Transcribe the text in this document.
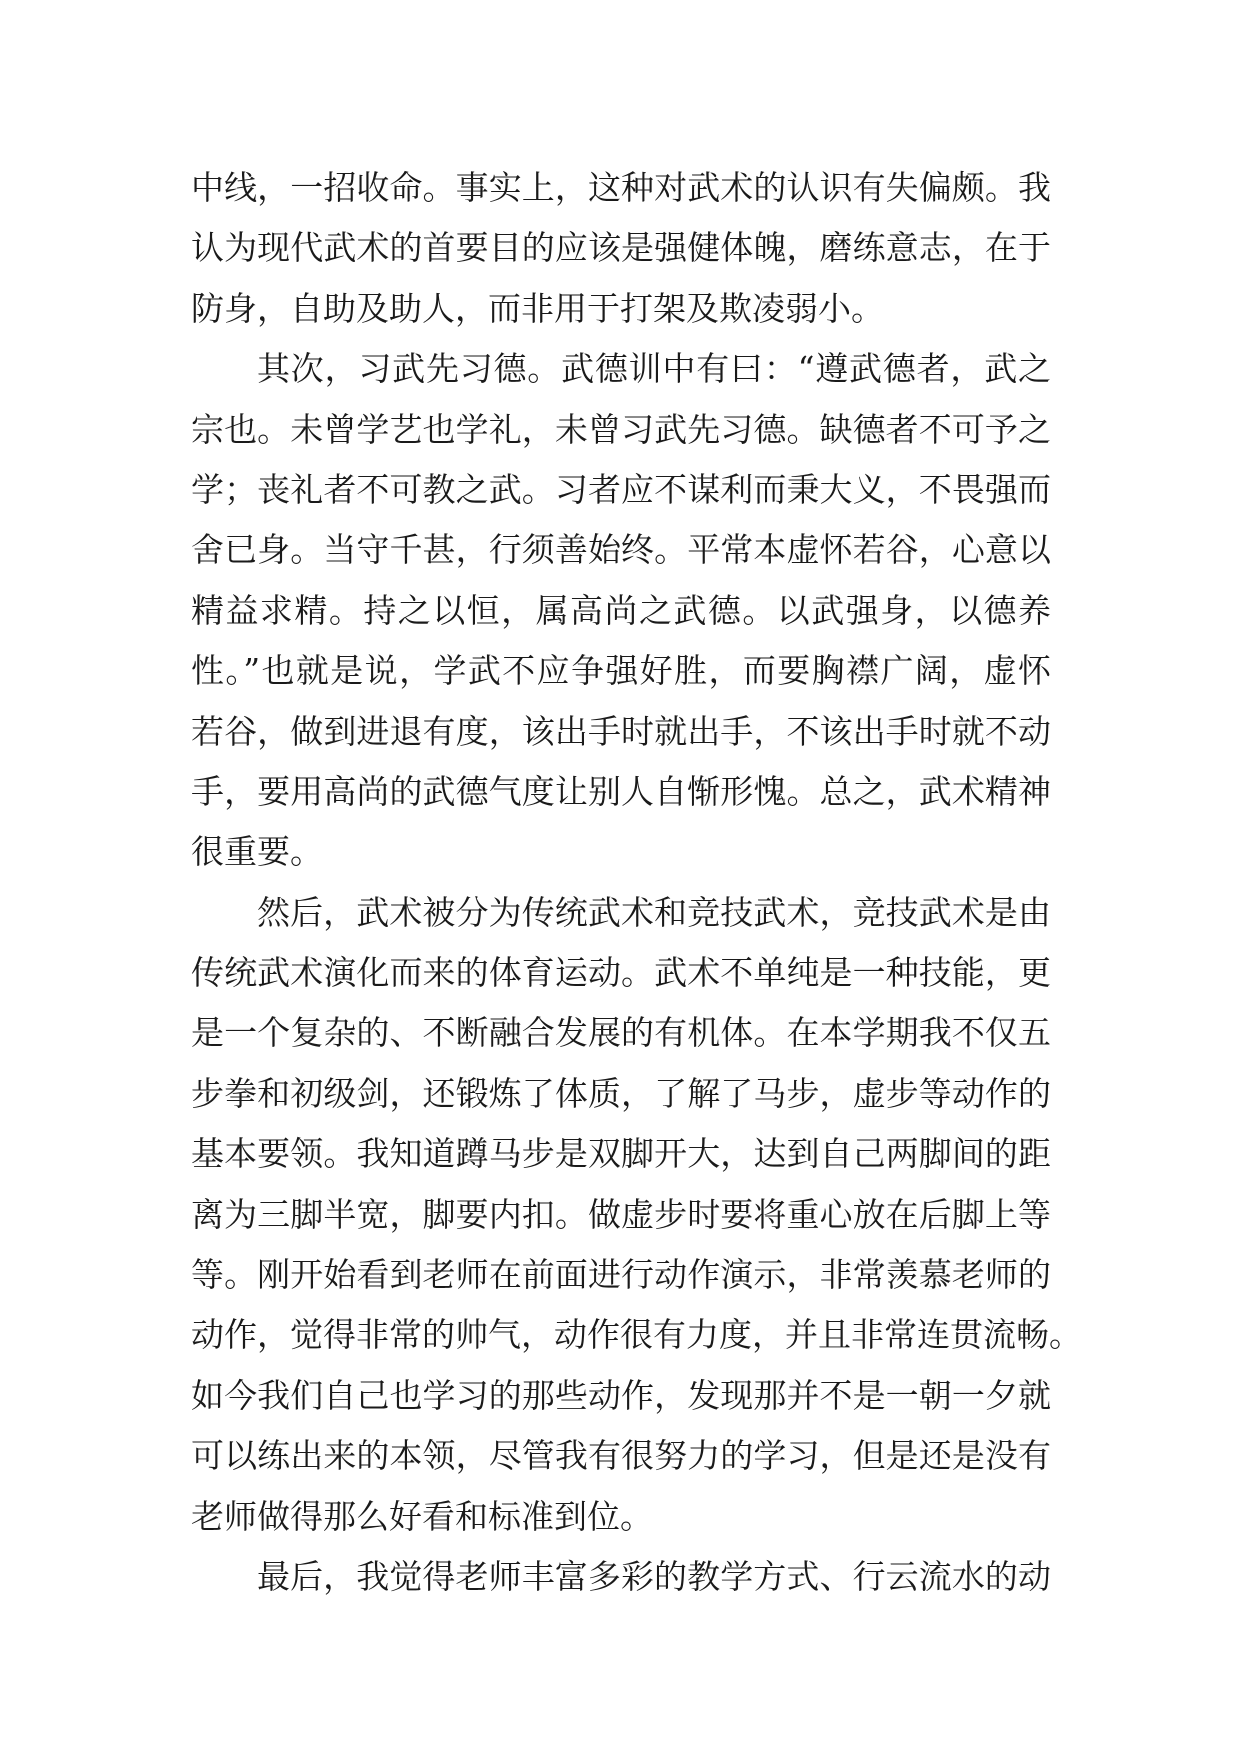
中线，一招收命。事实上，这种对武术的认识有失偏颇。我
认为现代武术的首要目的应该是强健体魄，磨练意志，在于
防身，自助及助人，而非用于打架及欺凌弱小。
其次，习武先习德。武德训中有曰：“遵武德者，武之
宗也。未曾学艺也学礼，未曾习武先习德。缺德者不可予之
学；丧礼者不可教之武。习者应不谋利而秉大义，不畏强而
舍已身。当守千甚，行须善始终。平常本虚怀若谷，心意以
精益求精。持之以恒，属高尚之武德。以武强身，以德养
性。”也就是说，学武不应争强好胜，而要胸襟广阔，虚怀
若谷，做到进退有度，该出手时就出手，不该出手时就不动
手，要用高尚的武德气度让别人自惭形愧。总之，武术精神
很重要。
然后，武术被分为传统武术和竞技武术，竞技武术是由
传统武术演化而来的体育运动。武术不单纯是一种技能，更
是一个复杂的、不断融合发展的有机体。在本学期我不仅五
步拳和初级剑，还锻炼了体质，了解了马步，虚步等动作的
基本要领。我知道蹲马步是双脚开大，达到自己两脚间的距
离为三脚半宽，脚要内扣。做虚步时要将重心放在后脚上等
等。刚开始看到老师在前面进行动作演示，非常羡慕老师的
动作，觉得非常的帅气，动作很有力度，并且非常连贯流畅。
如今我们自己也学习的那些动作，发现那并不是一朝一夕就
可以练出来的本领，尽管我有很努力的学习，但是还是没有
老师做得那么好看和标准到位。
最后，我觉得老师丰富多彩的教学方式、行云流水的动
